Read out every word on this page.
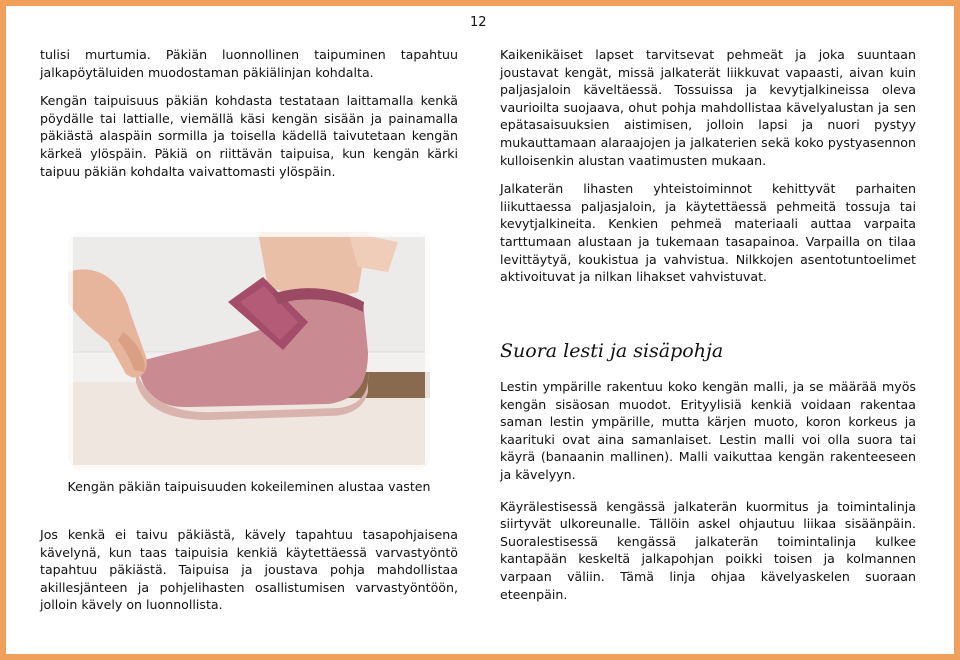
12

tulisi murtumia. Päkiän luonnollinen taipuminen tapahtuu jalkapöytäluiden muodostaman päkiälinjan kohdalta.

Kengän taipuisuus päkiän kohdasta testataan laittamalla kenkä pöydälle tai lattialle, viemällä käsi kengän sisään ja painamalla päkiästä alaspäin sormilla ja toisella kädellä taivutetaan kengän kärkeä ylöspäin. Päkiä on riittävän taipuisa, kun kengän kärki taipuu päkiän kohdalta vaivattomasti ylöspäin.

Kengän päkiän taipuisuuden kokeileminen alustaa vasten

Jos kenkä ei taivu päkiästä, kävely tapahtuu tasapohjaisena kävelynä, kun taas taipuisia kenkiä käytettäessä varvastyöntö tapahtuu päkiästä. Taipuisa ja joustava pohja mahdollistaa akillesjänteen ja pohjelihasten osallistumisen varvastyöntöön, jolloin kävely on luonnollista.

Kaikenikäiset lapset tarvitsevat pehmeät ja joka suuntaan joustavat kengät, missä jalkaterät liikkuvat vapaasti, aivan kuin paljasjaloin käveltäessä. Tossuissa ja kevytjalkineissa oleva vaurioilta suojaava, ohut pohja mahdollistaa kävelyalustan ja sen epätasaisuuksien aistimisen, jolloin lapsi ja nuori pystyy mukauttamaan alaraajojen ja jalkaterien sekä koko pystyasennon kulloisenkin alustan vaatimusten mukaan.

Jalkaterän lihasten yhteistoiminnot kehittyvät parhaiten liikuttaessa paljasjaloin, ja käytettäessä pehmeitä tossuja tai kevytjalkineita. Kenkien pehmeä materiaali auttaa varpaita tarttumaan alustaan ja tukemaan tasapainoa. Varpailla on tilaa levittäytyä, koukistua ja vahvistua. Nilkkojen asentotuntoelimet aktivoituvat ja nilkan lihakset vahvistuvat.

Suora lesti ja sisäpohja

Lestin ympärille rakentuu koko kengän malli, ja se määrää myös kengän sisäosan muodot. Erityylisiä kenkiä voidaan rakentaa saman lestin ympärille, mutta kärjen muoto, koron korkeus ja kaarituki ovat aina samanlaiset. Lestin malli voi olla suora tai käyrä (banaanin mallinen). Malli vaikuttaa kengän rakenteeseen ja kävelyyn.

Käyrälestisessä kengässä jalkaterän kuormitus ja toimintalinja siirtyvät ulkoreunalle. Tällöin askel ohjautuu liikaa sisäänpäin. Suoralestisessä kengässä jalkaterän toimintalinja kulkee kantapään keskeltä jalkapohjan poikki toisen ja kolmannen varpaan väliin. Tämä linja ohjaa kävelyaskelen suoraan eteenpäin.
